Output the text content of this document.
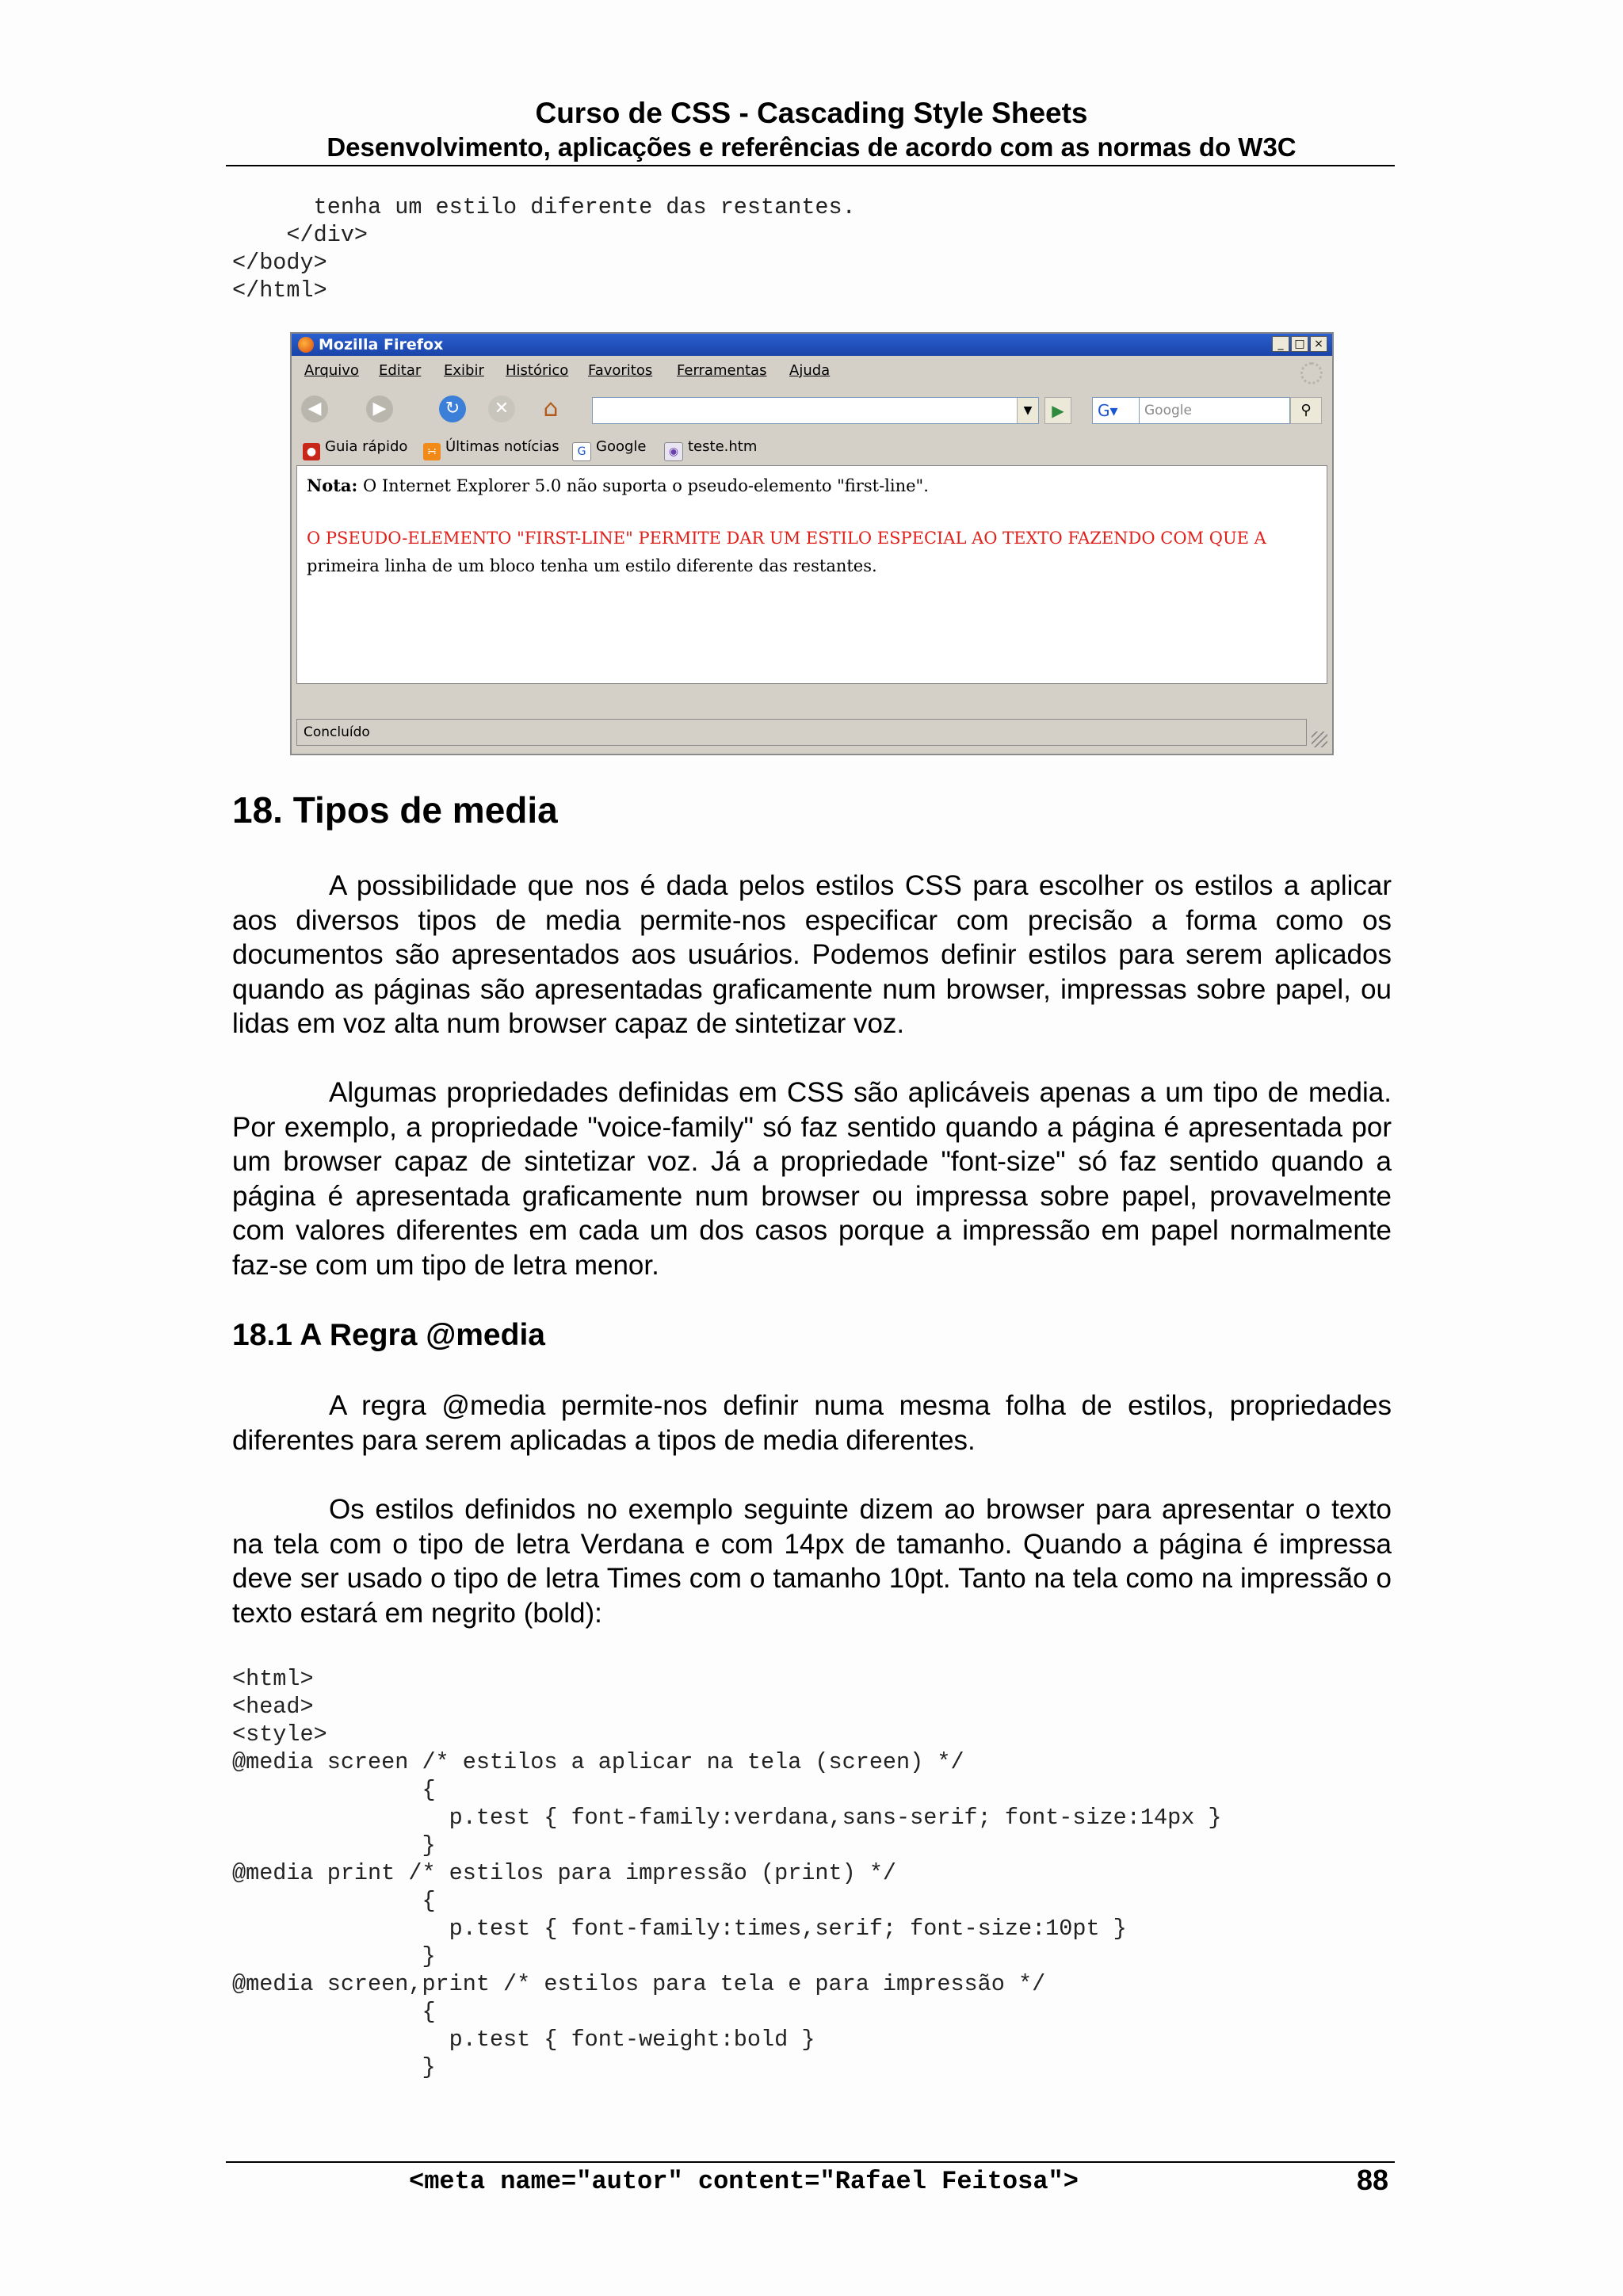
Curso de CSS - Cascading Style Sheets
Desenvolvimento, aplicações e referências de acordo com as normas do W3C
tenha um estilo diferente das restantes.
</div>
</body>
</html>
Mozilla Firefox	_ □ ×
Arquivo Editar Exibir Histórico Favoritos Ferramentas Ajuda
◀	▶	↻	✕ ⌂	▼	▶	G▾	Google	⚲
● Guia rápido	∺ Últimas notícias	G Google	◉ teste.htm
Nota: O Internet Explorer 5.0 não suporta o pseudo-elemento "first-line".
O PSEUDO-ELEMENTO "FIRST-LINE" PERMITE DAR UM ESTILO ESPECIAL AO TEXTO FAZENDO COM QUE A
primeira linha de um bloco tenha um estilo diferente das restantes.
Concluído
18. Tipos de media

A possibilidade que nos é dada pelos estilos CSS para escolher os estilos a aplicar aos diversos tipos de media permite-nos especificar com precisão a forma como os documentos são apresentados aos usuários. Podemos definir estilos para serem aplicados quando as páginas são apresentadas graficamente num browser, impressas sobre papel, ou lidas em voz alta num browser capaz de sintetizar voz.

Algumas propriedades definidas em CSS são aplicáveis apenas a um tipo de media. Por exemplo, a propriedade "voice-family" só faz sentido quando a página é apresentada por um browser capaz de sintetizar voz. Já a propriedade "font-size" só faz sentido quando a página é apresentada graficamente num browser ou impressa sobre papel, provavelmente com valores diferentes em cada um dos casos porque a impressão em papel normalmente faz-se com um tipo de letra menor.

18.1 A Regra @media

A regra @media permite-nos definir numa mesma folha de estilos, propriedades diferentes para serem aplicadas a tipos de media diferentes.

Os estilos definidos no exemplo seguinte dizem ao browser para apresentar o texto na tela com o tipo de letra Verdana e com 14px de tamanho. Quando a página é impressa deve ser usado o tipo de letra Times com o tamanho 10pt. Tanto na tela como na impressão o texto estará em negrito (bold):

<html>
<head>
<style>
@media screen /* estilos a aplicar na tela (screen) */
{
p.test { font-family:verdana,sans-serif; font-size:14px }
}
@media print /* estilos para impressão (print) */
{
p.test { font-family:times,serif; font-size:10pt }
}
@media screen,print /* estilos para tela e para impressão */
{
p.test { font-weight:bold }
}
<meta name="autor" content="Rafael Feitosa">	88
